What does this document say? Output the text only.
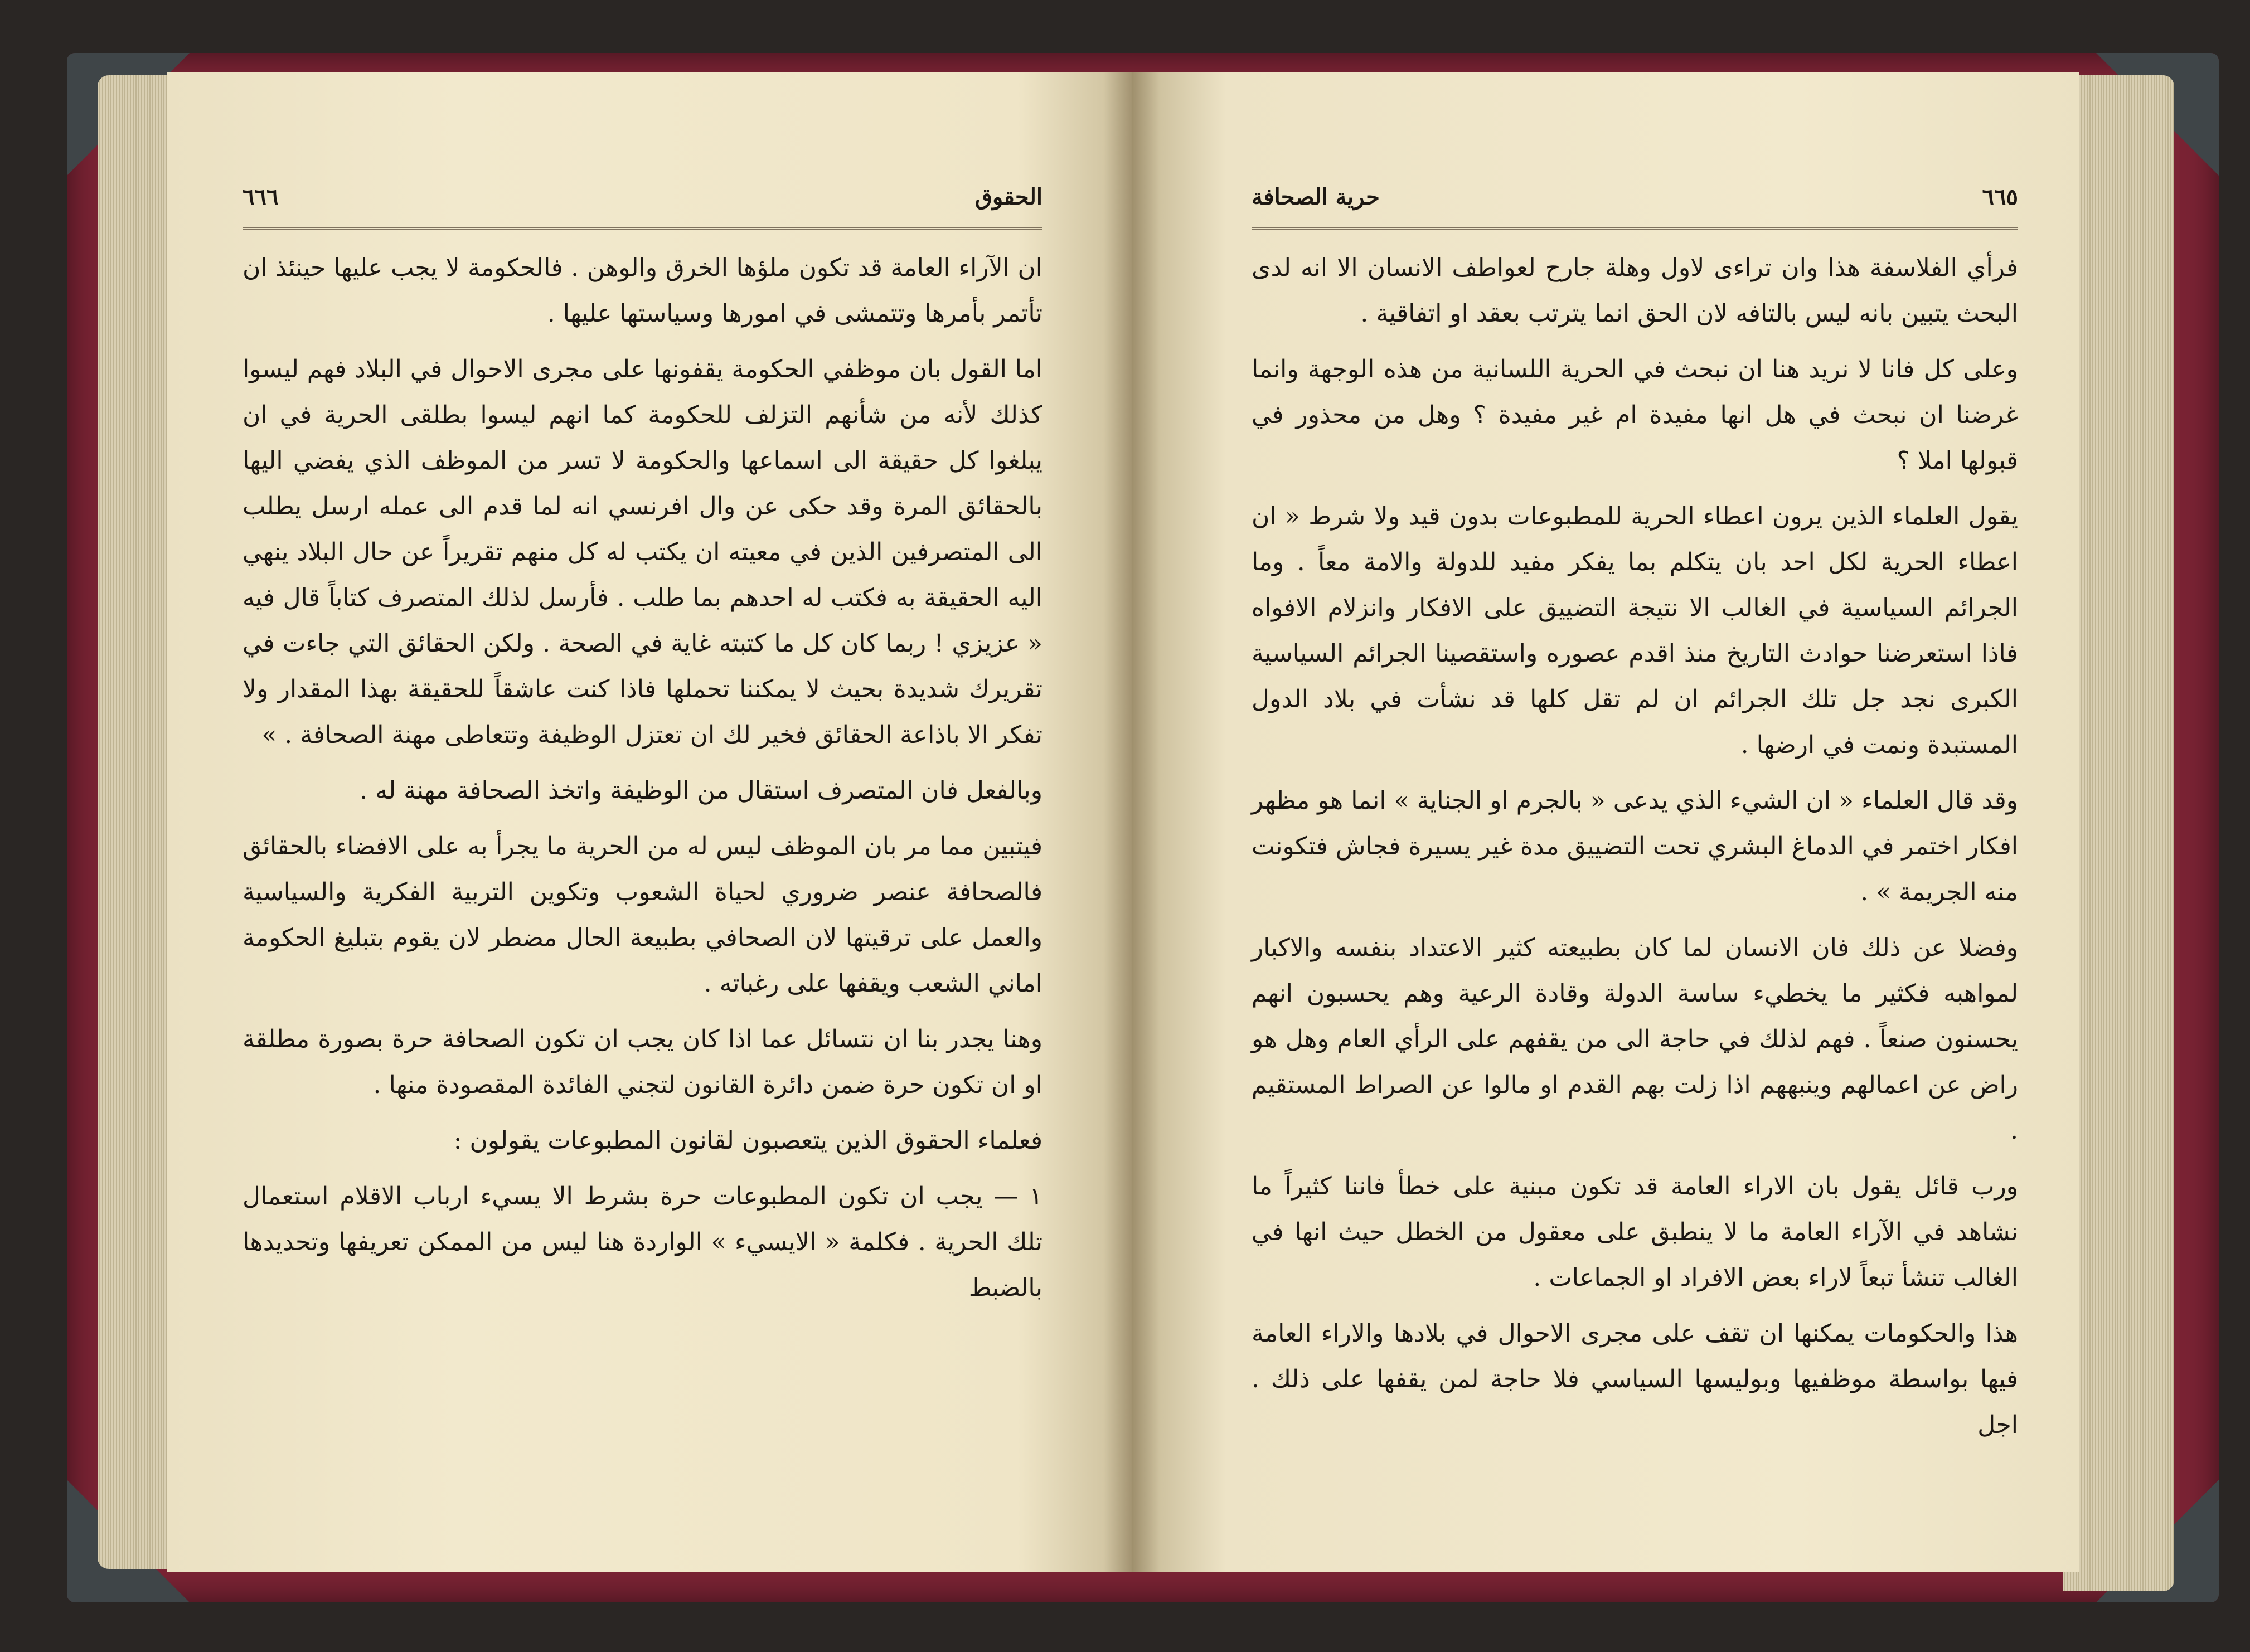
الحقوق
٦٦٦

ان الآراء العامة قد تكون ملؤها الخرق والوهن . فالحكومة لا يجب عليها حينئذ ان تأتمر بأمرها وتتمشى في امورها وسياستها عليها .

اما القول بان موظفي الحكومة يقفونها على مجرى الاحوال في البلاد فهم ليسوا كذلك لأنه من شأنهم التزلف للحكومة كما انهم ليسوا بطلقى الحرية في ان يبلغوا كل حقيقة الى اسماعها والحكومة لا تسر من الموظف الذي يفضي اليها بالحقائق المرة وقد حكى عن وال افرنسي انه لما قدم الى عمله ارسل يطلب الى المتصرفين الذين في معيته ان يكتب له كل منهم تقريراً عن حال البلاد ينهي اليه الحقيقة به فكتب له احدهم بما طلب . فأرسل لذلك المتصرف كتاباً قال فيه « عزيزي ! ربما كان كل ما كتبته غاية في الصحة . ولكن الحقائق التي جاءت في تقريرك شديدة بحيث لا يمكننا تحملها فاذا كنت عاشقاً للحقيقة بهذا المقدار ولا تفكر الا باذاعة الحقائق فخير لك ان تعتزل الوظيفة وتتعاطى مهنة الصحافة . »

وبالفعل فان المتصرف استقال من الوظيفة واتخذ الصحافة مهنة له .

فيتبين مما مر بان الموظف ليس له من الحرية ما يجرأ به على الافضاء بالحقائق فالصحافة عنصر ضروري لحياة الشعوب وتكوين التربية الفكرية والسياسية والعمل على ترقيتها لان الصحافي بطبيعة الحال مضطر لان يقوم بتبليغ الحكومة اماني الشعب ويقفها على رغباته .

وهنا يجدر بنا ان نتسائل عما اذا كان يجب ان تكون الصحافة حرة بصورة مطلقة او ان تكون حرة ضمن دائرة القانون لتجني الفائدة المقصودة منها .

فعلماء الحقوق الذين يتعصبون لقانون المطبوعات يقولون :

١ — يجب ان تكون المطبوعات حرة بشرط الا يسيء ارباب الاقلام استعمال تلك الحرية . فكلمة « الايسيء » الواردة هنا ليس من الممكن تعريفها وتحديدها بالضبط

٦٦٥
حرية الصحافة

فرأي الفلاسفة هذا وان تراءى لاول وهلة جارح لعواطف الانسان الا انه لدى البحث يتبين بانه ليس بالتافه لان الحق انما يترتب بعقد او اتفاقية .

وعلى كل فانا لا نريد هنا ان نبحث في الحرية اللسانية من هذه الوجهة وانما غرضنا ان نبحث في هل انها مفيدة ام غير مفيدة ؟ وهل من محذور في قبولها املا ؟

يقول العلماء الذين يرون اعطاء الحرية للمطبوعات بدون قيد ولا شرط « ان اعطاء الحرية لكل احد بان يتكلم بما يفكر مفيد للدولة والامة معاً . وما الجرائم السياسية في الغالب الا نتيجة التضييق على الافكار وانزلام الافواه فاذا استعرضنا حوادث التاريخ منذ اقدم عصوره واستقصينا الجرائم السياسية الكبرى نجد جل تلك الجرائم ان لم تقل كلها قد نشأت في بلاد الدول المستبدة ونمت في ارضها .

وقد قال العلماء « ان الشيء الذي يدعى « بالجرم او الجناية » انما هو مظهر افكار اختمر في الدماغ البشري تحت التضييق مدة غير يسيرة فجاش فتكونت منه الجريمة » .

وفضلا عن ذلك فان الانسان لما كان بطبيعته كثير الاعتداد بنفسه والاكبار لمواهبه فكثير ما يخطيء ساسة الدولة وقادة الرعية وهم يحسبون انهم يحسنون صنعاً . فهم لذلك في حاجة الى من يقفهم على الرأي العام وهل هو راض عن اعمالهم وينبههم اذا زلت بهم القدم او مالوا عن الصراط المستقيم .

ورب قائل يقول بان الاراء العامة قد تكون مبنية على خطأ فاننا كثيراً ما نشاهد في الآراء العامة ما لا ينطبق على معقول من الخطل حيث انها في الغالب تنشأ تبعاً لاراء بعض الافراد او الجماعات .

هذا والحكومات يمكنها ان تقف على مجرى الاحوال في بلادها والاراء العامة فيها بواسطة موظفيها وبوليسها السياسي فلا حاجة لمن يقفها على ذلك . اجل
